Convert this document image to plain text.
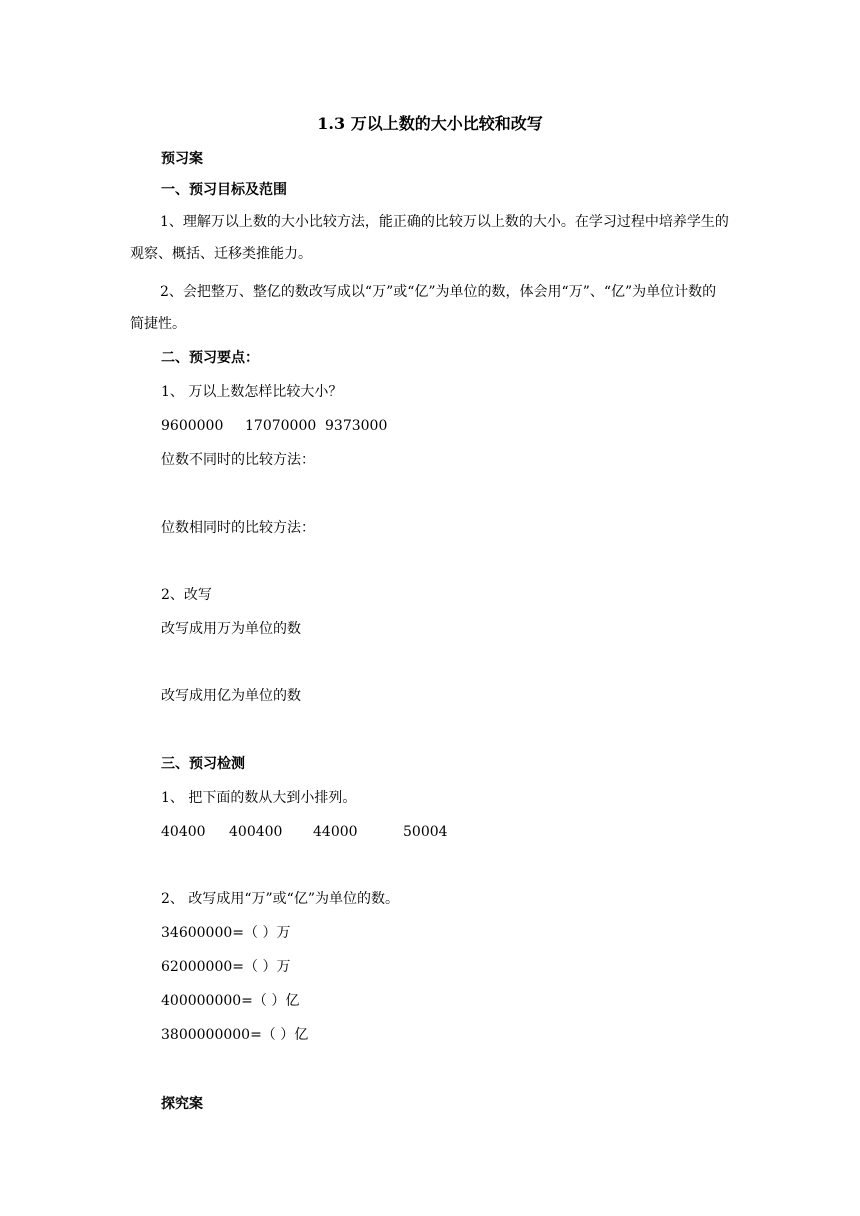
1.3 万以上数的大小比较和改写

预习案

一、预习目标及范围

1、理解万以上数的大小比较方法，能正确的比较万以上数的大小。在学习过程中培养学生的观察、概括、迁移类推能力。

2、会把整万、整亿的数改写成以“万”或“亿”为单位的数，体会用“万”、“亿”为单位计数的简捷性。

二、预习要点：

1、 万以上数怎样比较大小？

9600000 17070000 9373000

位数不同时的比较方法：

位数相同时的比较方法：

2、改写

改写成用万为单位的数

改写成用亿为单位的数

三、预习检测

1、 把下面的数从大到小排列。

40400 400400 44000	50004

2、 改写成用“万”或“亿”为单位的数。

34600000=（ ）万

62000000=（ ）万

400000000=（ ）亿

3800000000=（ ）亿

探究案
